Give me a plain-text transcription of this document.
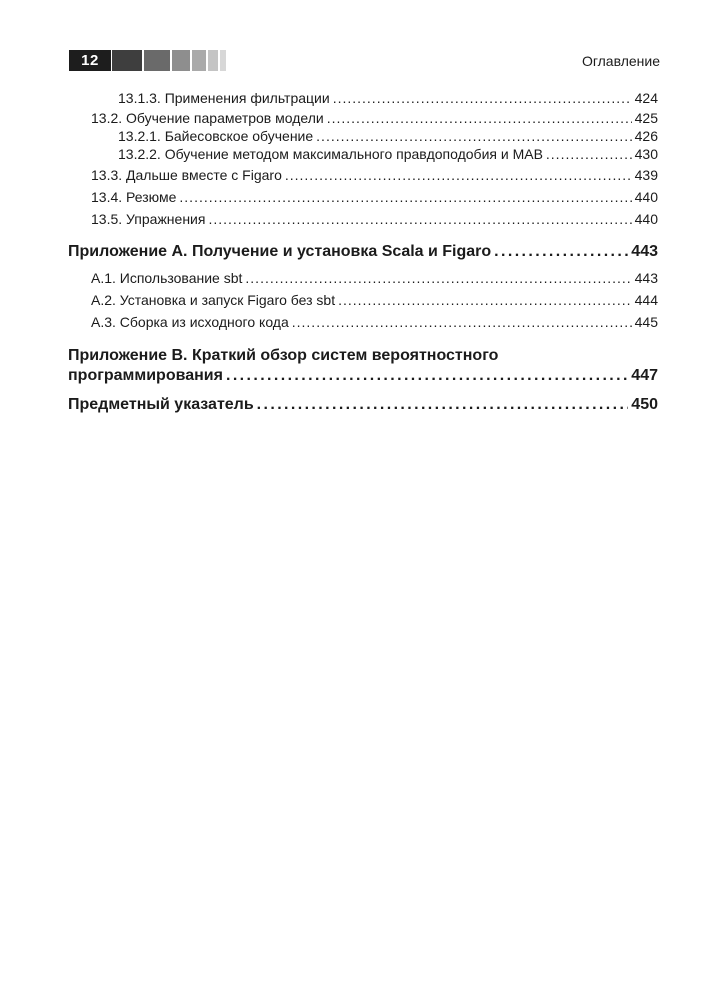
12	Оглавление
13.1.3. Применения фильтрации .....	424
13.2. Обучение параметров модели .....	425
13.2.1. Байесовское обучение .....	426
13.2.2. Обучение методом максимального правдоподобия и MAB .....	430
13.3. Дальше вместе с Figaro .....	439
13.4. Резюме .....	440
13.5. Упражнения .....	440
Приложение А. Получение и установка Scala и Figaro .....	443
А.1. Использование sbt .....	443
А.2. Установка и запуск Figaro без sbt .....	444
А.3. Сборка из исходного кода .....	445
Приложение В. Краткий обзор систем вероятностного
программирования .....	447
Предметный указатель .....	450
